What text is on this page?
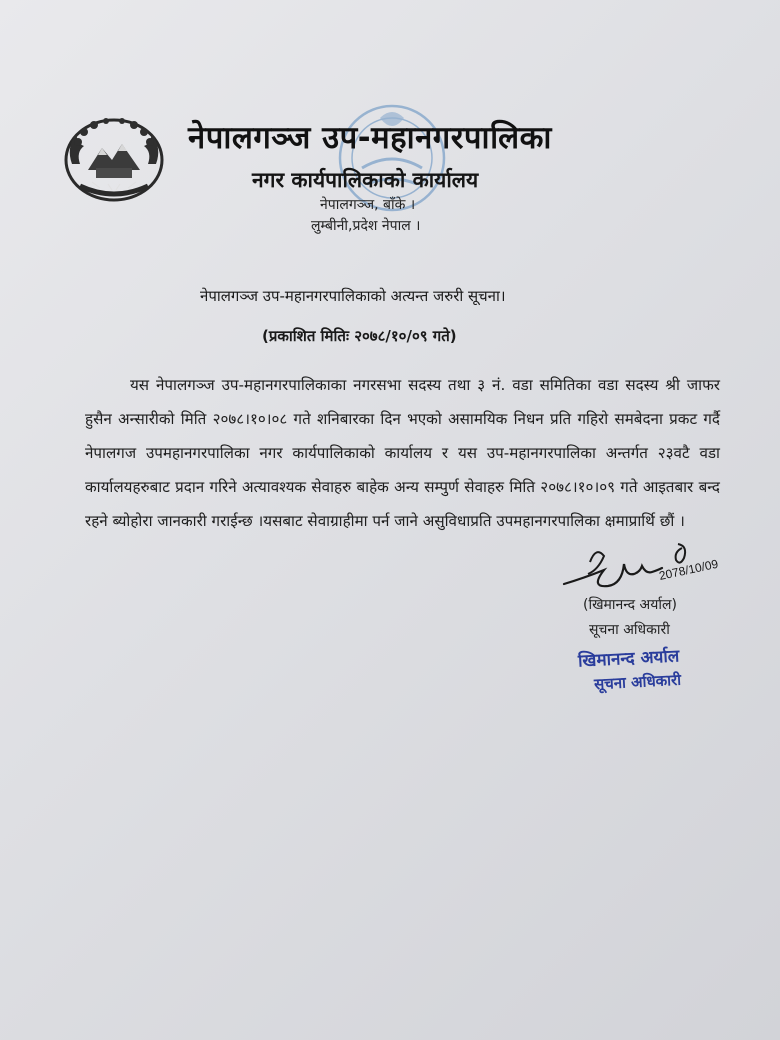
नेपालगञ्ज उप-महानगरपालिका
नगर कार्यपालिकाको कार्यालय
नेपालगञ्ज, बाँके ।
लुम्बीनी,प्रदेश नेपाल ।
नेपालगञ्ज उप-महानगरपालिकाको अत्यन्त जरुरी सूचना।
(प्रकाशित मितिः २०७८/१०/०९ गते)
यस नेपालगञ्ज उप-महानगरपालिकाका नगरसभा सदस्य तथा ३ नं. वडा समितिका वडा सदस्य श्री जाफर हुसैन अन्सारीको मिति २०७८।१०।०८ गते शनिबारका दिन भएको असामयिक निधन प्रति गहिरो समबेदना प्रकट गर्दै नेपालगज उपमहानगरपालिका नगर कार्यपालिकाको कार्यालय र यस उप-महानगरपालिका अन्तर्गत २३वटै वडा कार्यालयहरुबाट प्रदान गरिने अत्यावश्यक सेवाहरु बाहेक अन्य सम्पुर्ण सेवाहरु मिति २०७८।१०।०९ गते आइतबार बन्द रहने ब्योहोरा जानकारी गराईन्छ ।यसबाट सेवाग्राहीमा पर्न जाने असुविधाप्रति उपमहानगरपालिका क्षमाप्रार्थि छौं ।
2078/10/09
(खिमानन्द अर्याल)
सूचना अधिकारी
खिमानन्द अर्याल
सूचना अधिकारी
